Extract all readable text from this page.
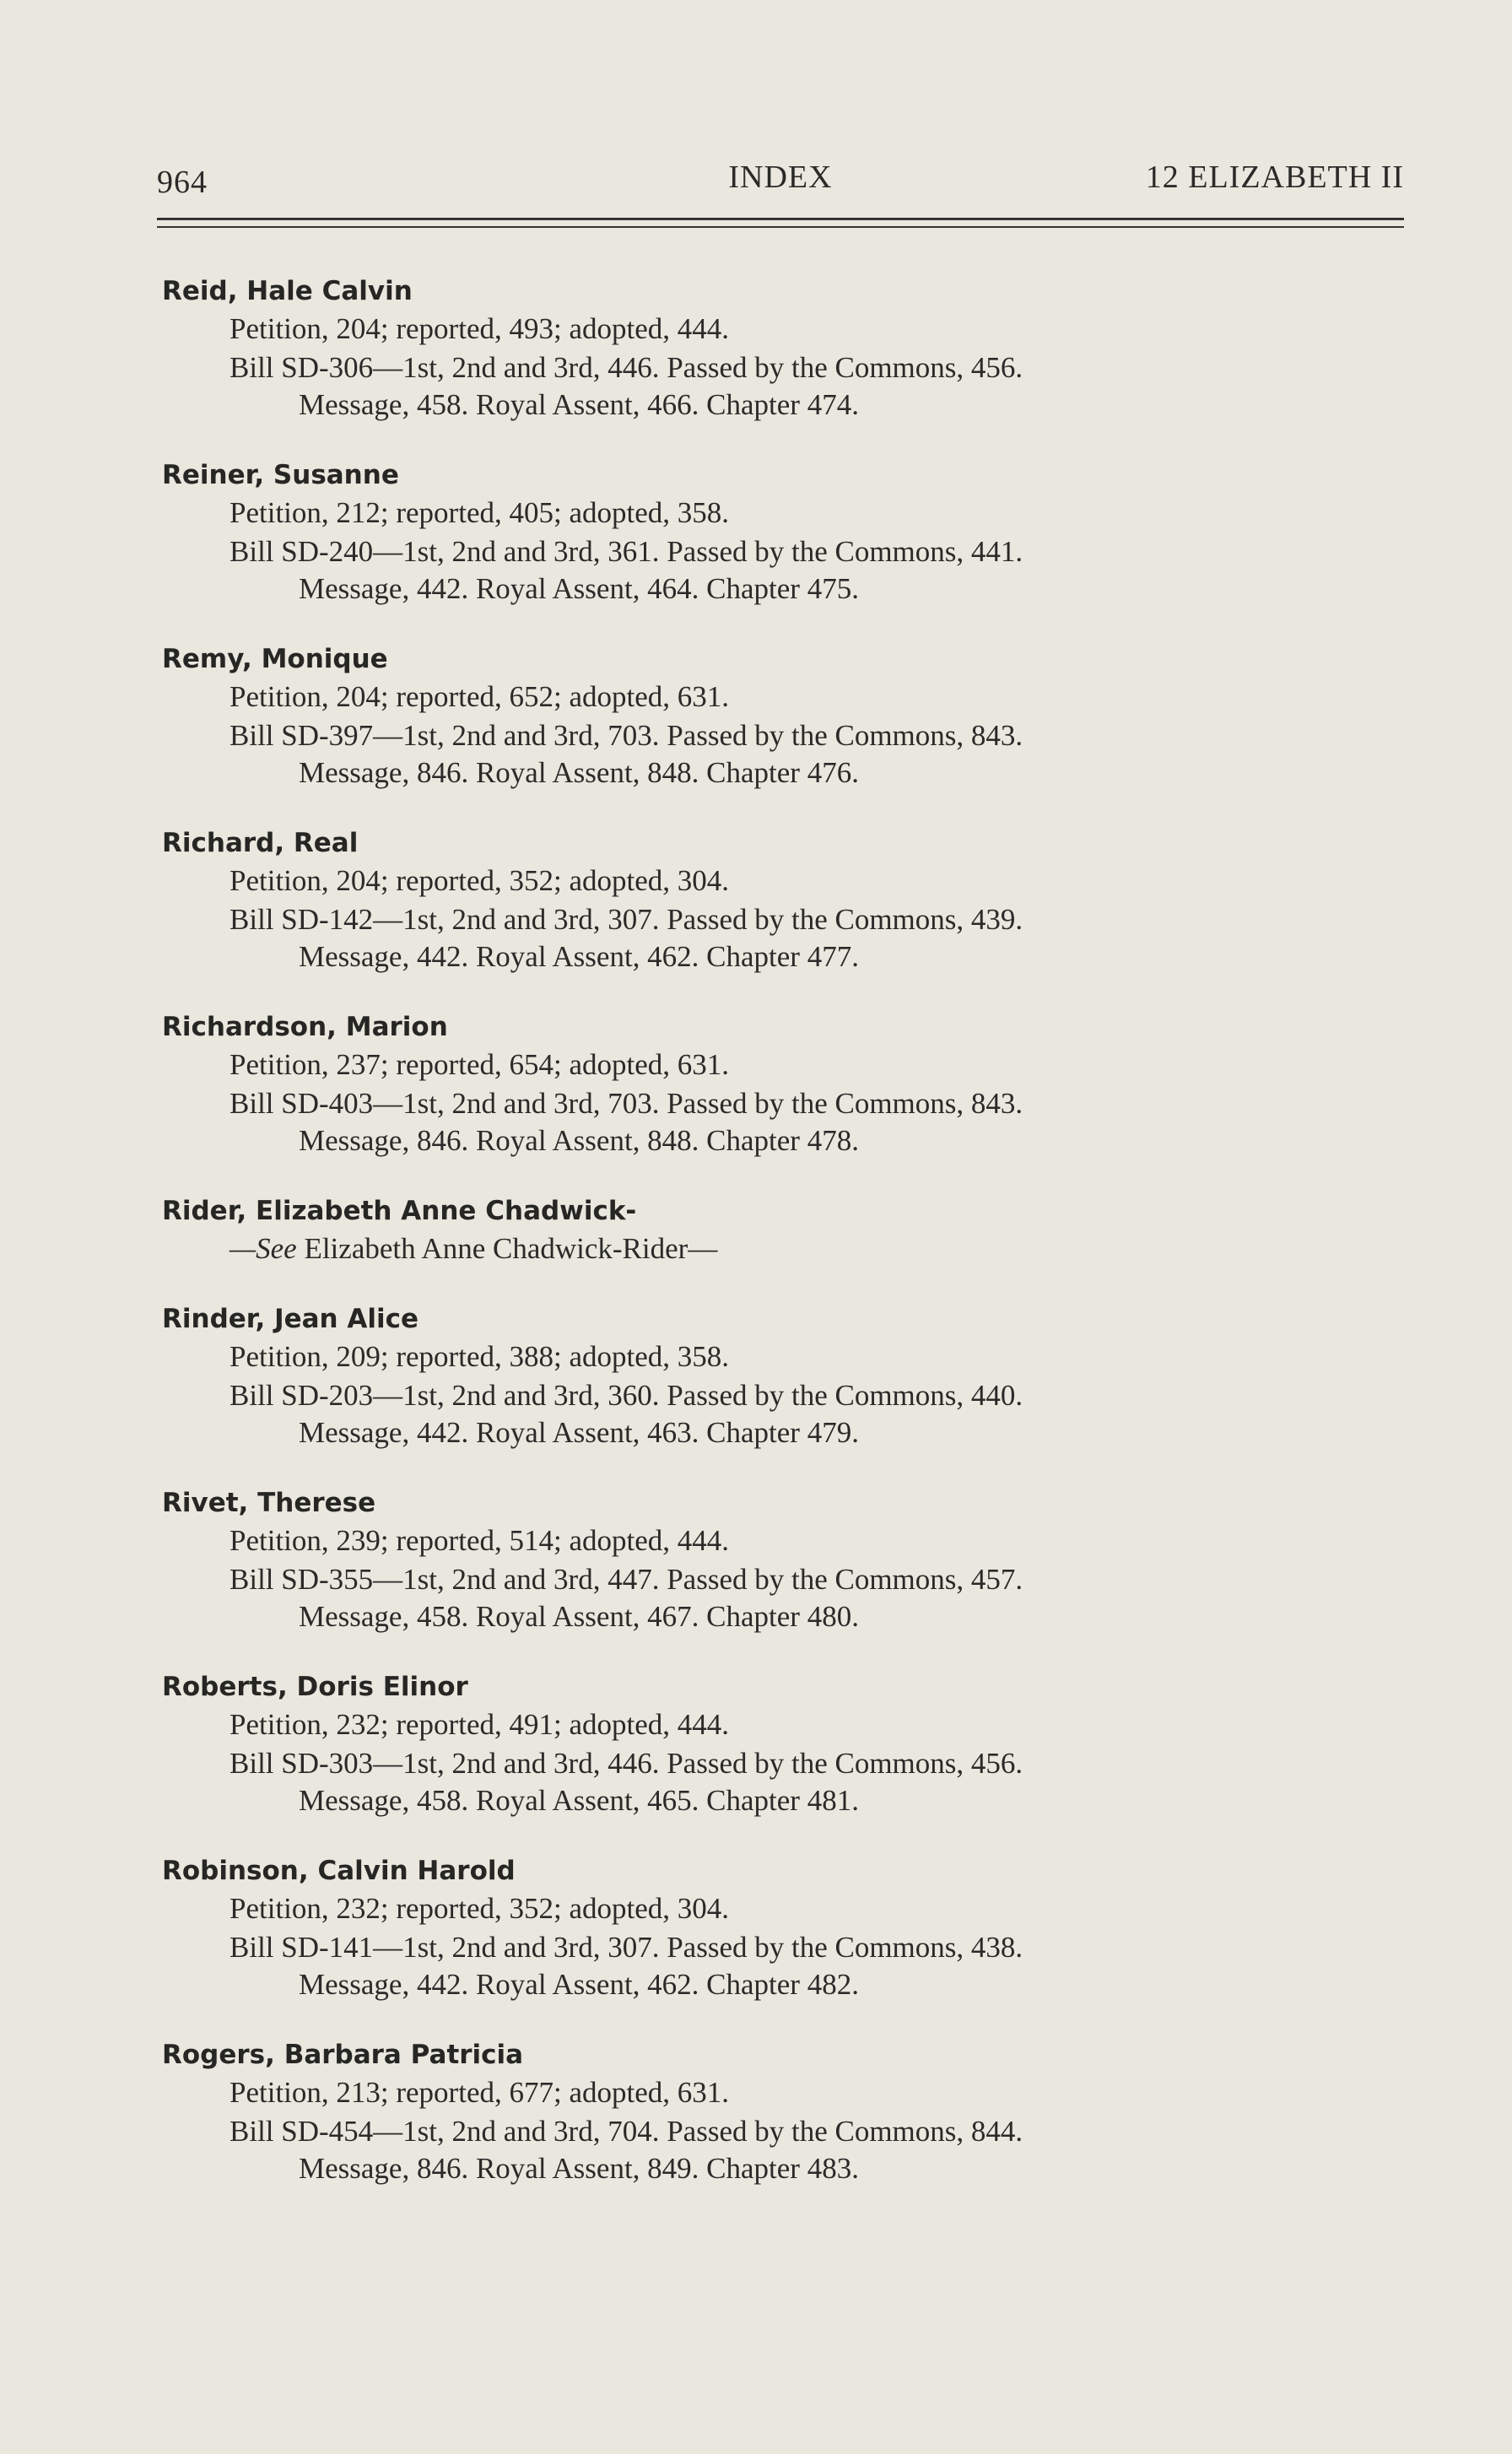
964	INDEX	12 ELIZABETH II
Reid, Hale Calvin
Petition, 204; reported, 493; adopted, 444.
Bill SD-306—1st, 2nd and 3rd, 446. Passed by the Commons, 456.
Message, 458. Royal Assent, 466. Chapter 474.
Reiner, Susanne
Petition, 212; reported, 405; adopted, 358.
Bill SD-240—1st, 2nd and 3rd, 361. Passed by the Commons, 441.
Message, 442. Royal Assent, 464. Chapter 475.
Remy, Monique
Petition, 204; reported, 652; adopted, 631.
Bill SD-397—1st, 2nd and 3rd, 703. Passed by the Commons, 843.
Message, 846. Royal Assent, 848. Chapter 476.
Richard, Real
Petition, 204; reported, 352; adopted, 304.
Bill SD-142—1st, 2nd and 3rd, 307. Passed by the Commons, 439.
Message, 442. Royal Assent, 462. Chapter 477.
Richardson, Marion
Petition, 237; reported, 654; adopted, 631.
Bill SD-403—1st, 2nd and 3rd, 703. Passed by the Commons, 843.
Message, 846. Royal Assent, 848. Chapter 478.
Rider, Elizabeth Anne Chadwick-
—See Elizabeth Anne Chadwick-Rider—
Rinder, Jean Alice
Petition, 209; reported, 388; adopted, 358.
Bill SD-203—1st, 2nd and 3rd, 360. Passed by the Commons, 440.
Message, 442. Royal Assent, 463. Chapter 479.
Rivet, Therese
Petition, 239; reported, 514; adopted, 444.
Bill SD-355—1st, 2nd and 3rd, 447. Passed by the Commons, 457.
Message, 458. Royal Assent, 467. Chapter 480.
Roberts, Doris Elinor
Petition, 232; reported, 491; adopted, 444.
Bill SD-303—1st, 2nd and 3rd, 446. Passed by the Commons, 456.
Message, 458. Royal Assent, 465. Chapter 481.
Robinson, Calvin Harold
Petition, 232; reported, 352; adopted, 304.
Bill SD-141—1st, 2nd and 3rd, 307. Passed by the Commons, 438.
Message, 442. Royal Assent, 462. Chapter 482.
Rogers, Barbara Patricia
Petition, 213; reported, 677; adopted, 631.
Bill SD-454—1st, 2nd and 3rd, 704. Passed by the Commons, 844.
Message, 846. Royal Assent, 849. Chapter 483.
